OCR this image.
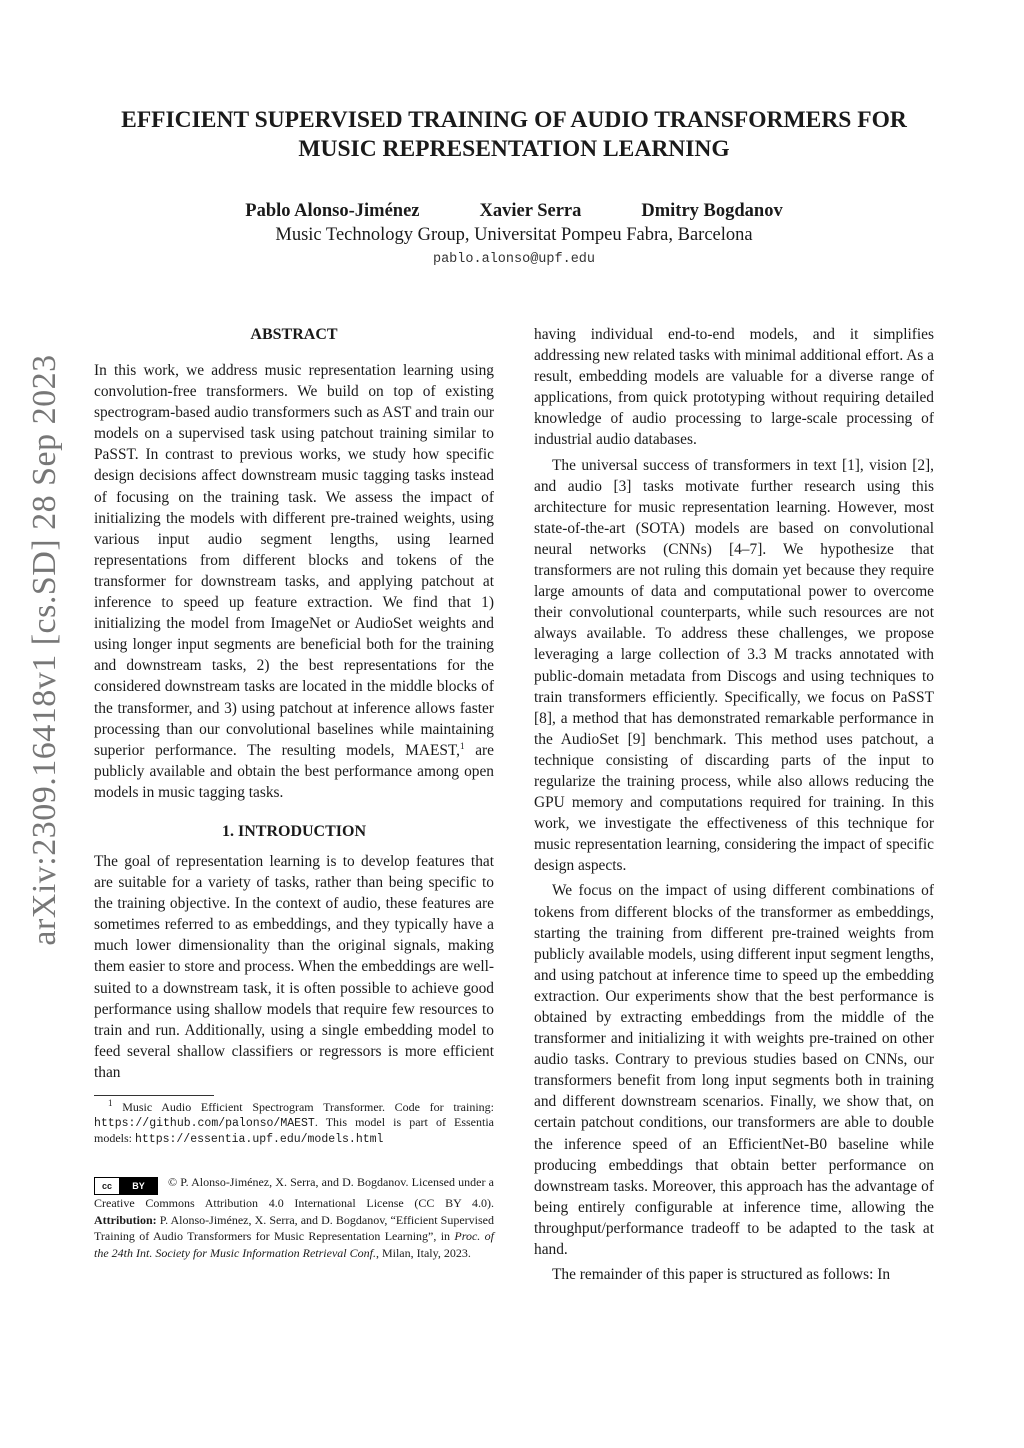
arXiv:2309.16418v1 [cs.SD] 28 Sep 2023
EFFICIENT SUPERVISED TRAINING OF AUDIO TRANSFORMERS FOR
MUSIC REPRESENTATION LEARNING
Pablo Alonso-Jiménez	Xavier Serra	Dmitry Bogdanov
Music Technology Group, Universitat Pompeu Fabra, Barcelona
pablo.alonso@upf.edu
ABSTRACT

In this work, we address music representation learning using convolution-free transformers. We build on top of existing spectrogram-based audio transformers such as AST and train our models on a supervised task using patchout training similar to PaSST. In contrast to previous works, we study how specific design decisions affect downstream music tagging tasks instead of focusing on the training task. We assess the impact of initializing the models with different pre-trained weights, using various input audio segment lengths, using learned representations from different blocks and tokens of the transformer for downstream tasks, and applying patchout at inference to speed up feature extraction. We find that 1) initializing the model from ImageNet or AudioSet weights and using longer input segments are beneficial both for the training and downstream tasks, 2) the best representations for the considered downstream tasks are located in the middle blocks of the transformer, and 3) using patchout at inference allows faster processing than our convolutional baselines while maintaining superior performance. The resulting models, MAEST,$^1$ are publicly available and obtain the best performance among open models in music tagging tasks.

1. INTRODUCTION

The goal of representation learning is to develop features that are suitable for a variety of tasks, rather than being specific to the training objective. In the context of audio, these features are sometimes referred to as embeddings, and they typically have a much lower dimensionality than the original signals, making them easier to store and process. When the embeddings are well-suited to a downstream task, it is often possible to achieve good performance using shallow models that require few resources to train and run. Additionally, using a single embedding model to feed several shallow classifiers or regressors is more efficient than

$^1$ Music Audio Efficient Spectrogram Transformer. Code for training: https://github.com/palonso/MAEST. This model is part of Essentia models: https://essentia.upf.edu/models.html

cc	BY	© P. Alonso-Jiménez, X. Serra, and D. Bogdanov. Licensed under a Creative Commons Attribution 4.0 International License (CC BY 4.0). Attribution: P. Alonso-Jiménez, X. Serra, and D. Bogdanov, “Efficient Supervised Training of Audio Transformers for Music Representation Learning”, in Proc. of the 24th Int. Society for Music Information Retrieval Conf., Milan, Italy, 2023.

having individual end-to-end models, and it simplifies addressing new related tasks with minimal additional effort. As a result, embedding models are valuable for a diverse range of applications, from quick prototyping without requiring detailed knowledge of audio processing to large-scale processing of industrial audio databases.

The universal success of transformers in text [1], vision [2], and audio [3] tasks motivate further research using this architecture for music representation learning. However, most state-of-the-art (SOTA) models are based on convolutional neural networks (CNNs) [4–7]. We hypothesize that transformers are not ruling this domain yet because they require large amounts of data and computational power to overcome their convolutional counterparts, while such resources are not always available. To address these challenges, we propose leveraging a large collection of 3.3 M tracks annotated with public-domain metadata from Discogs and using techniques to train transformers efficiently. Specifically, we focus on PaSST [8], a method that has demonstrated remarkable performance in the AudioSet [9] benchmark. This method uses patchout, a technique consisting of discarding parts of the input to regularize the training process, while also allows reducing the GPU memory and computations required for training. In this work, we investigate the effectiveness of this technique for music representation learning, considering the impact of specific design aspects.

We focus on the impact of using different combinations of tokens from different blocks of the transformer as embeddings, starting the training from different pre-trained weights from publicly available models, using different input segment lengths, and using patchout at inference time to speed up the embedding extraction. Our experiments show that the best performance is obtained by extracting embeddings from the middle of the transformer and initializing it with weights pre-trained on other audio tasks. Contrary to previous studies based on CNNs, our transformers benefit from long input segments both in training and different downstream scenarios. Finally, we show that, on certain patchout conditions, our transformers are able to double the inference speed of an EfficientNet-B0 baseline while producing embeddings that obtain better performance on downstream tasks. Moreover, this approach has the advantage of being entirely configurable at inference time, allowing the throughput/performance tradeoff to be adapted to the task at hand.

The remainder of this paper is structured as follows: In
